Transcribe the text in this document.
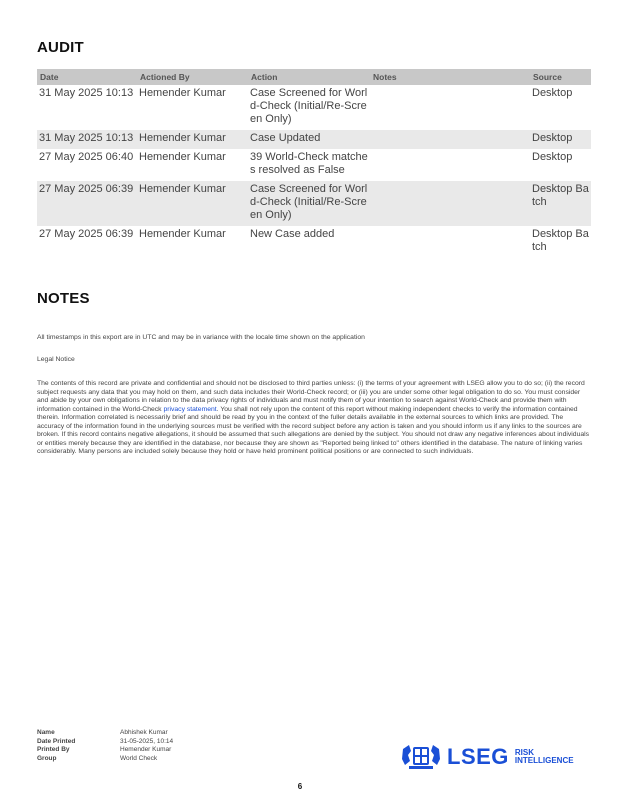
AUDIT
Date	Actioned By	Action	Notes	Source
31 May 2025 10:13	Hemender Kumar	Case Screened for World-Check (Initial/Re-Screen Only)		Desktop
31 May 2025 10:13	Hemender Kumar	Case Updated		Desktop
27 May 2025 06:40	Hemender Kumar	39 World-Check matches resolved as False		Desktop
27 May 2025 06:39	Hemender Kumar	Case Screened for World-Check (Initial/Re-Screen Only)		Desktop Batch
27 May 2025 06:39	Hemender Kumar	New Case added		Desktop Batch
NOTES
All timestamps in this export are in UTC and may be in variance with the locale time shown on the application
Legal Notice
The contents of this record are private and confidential and should not be disclosed to third parties unless: (i) the terms of your agreement with LSEG allow you to do so; (ii) the record subject requests any data that you may hold on them, and such data includes their World-Check record; or (iii) you are under some other legal obligation to do so. You must consider and abide by your own obligations in relation to the data privacy rights of individuals and must notify them of your intention to search against World-Check and provide them with information contained in the World-Check privacy statement. You shall not rely upon the content of this report without making independent checks to verify the information contained therein. Information correlated is necessarily brief and should be read by you in the context of the fuller details available in the external sources to which links are provided. The accuracy of the information found in the underlying sources must be verified with the record subject before any action is taken and you should inform us if any links to the sources are broken. If this record contains negative allegations, it should be assumed that such allegations are denied by the subject. You should not draw any negative inferences about individuals or entities merely because they are identified in the database, nor because they are shown as "Reported being linked to" others identified in the database. The nature of linking varies considerably. Many persons are included solely because they hold or have held prominent political positions or are connected to such individuals.
Name	Abhishek Kumar
Date Printed	31-05-2025, 10:14
Printed By	Hemender Kumar
Group	World Check	LSEG RISK
INTELLIGENCE
6
